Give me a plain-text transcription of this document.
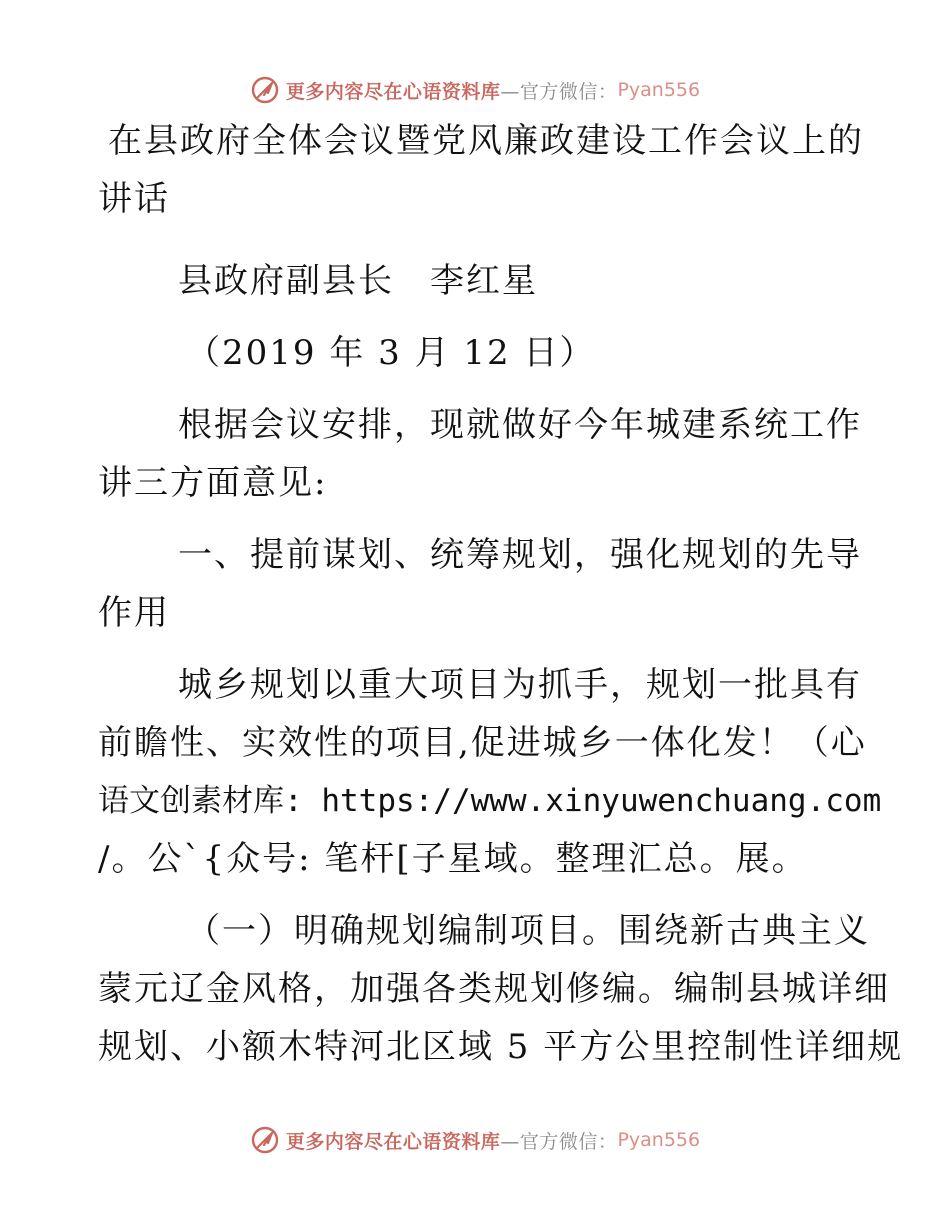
更多内容尽在心语资料库 —官方微信： Pyan556

在县政府全体会议暨党风廉政建设工作会议上的

讲话

县政府副县长　李红星

（2019 年 3 月 12 日）

根据会议安排，现就做好今年城建系统工作

讲三方面意见:

一、提前谋划、统筹规划，强化规划的先导

作用

城乡规划以重大项目为抓手，规划一批具有

前瞻性、实效性的项目,促进城乡一体化发！（心

语文创素材库: https://www.xinyuwenchuang.com

/。公`{众号: 笔杆[子星域。整理汇总。展。

（一）明确规划编制项目。围绕新古典主义

蒙元辽金风格，加强各类规划修编。编制县城详细

规划、小额木特河北区域 5 平方公里控制性详细规

更多内容尽在心语资料库 —官方微信： Pyan556
